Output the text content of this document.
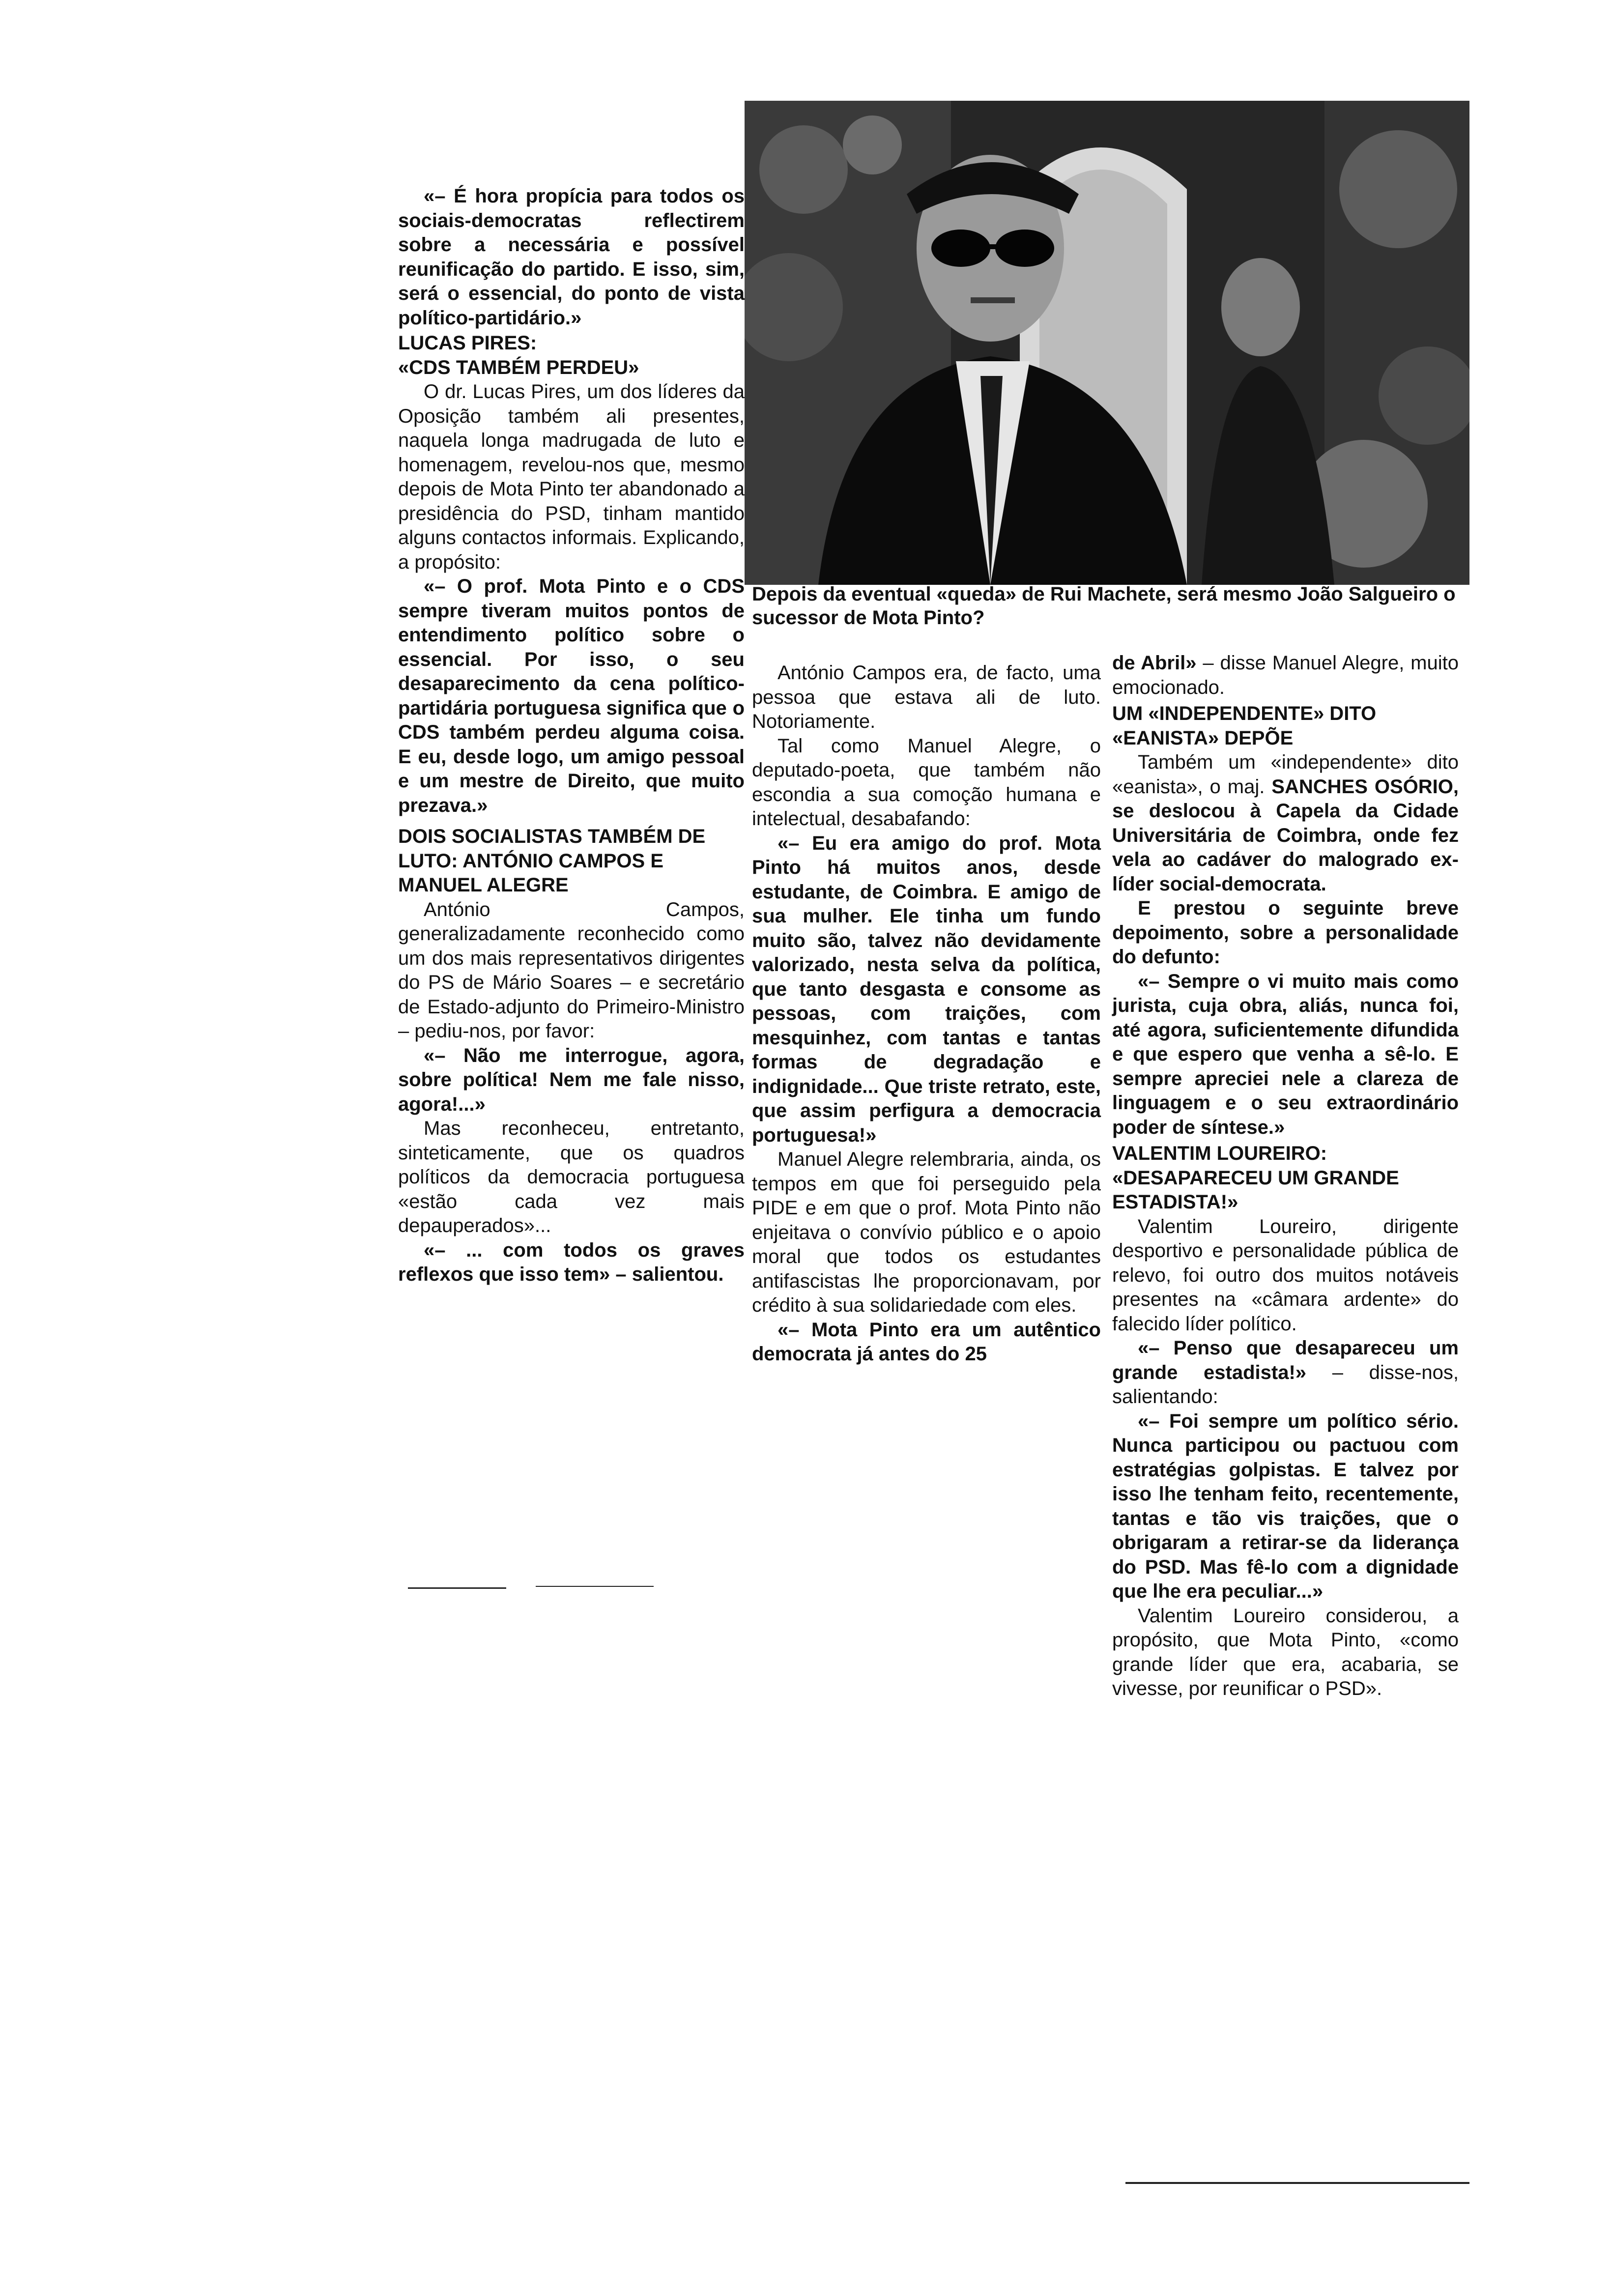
Depois da eventual «queda» de Rui Machete, será mesmo João Salgueiro o sucessor de Mota Pinto?

«– É hora propícia para todos os sociais-democratas reflectirem sobre a necessária e possível reunificação do partido. E isso, sim, será o essencial, do ponto de vista político-partidário.»

LUCAS PIRES:

«CDS TAMBÉM PERDEU»

O dr. Lucas Pires, um dos líderes da Oposição também ali presentes, naquela longa madrugada de luto e homenagem, revelou-nos que, mesmo depois de Mota Pinto ter abandonado a presidência do PSD, tinham mantido alguns contactos informais. Explicando, a propósito:

«– O prof. Mota Pinto e o CDS sempre tiveram muitos pontos de entendimento político sobre o essencial. Por isso, o seu desaparecimento da cena político-partidária portuguesa significa que o CDS também perdeu alguma coisa. E eu, desde logo, um amigo pessoal e um mestre de Direito, que muito prezava.»

DOIS SOCIALISTAS TAMBÉM DE LUTO: ANTÓNIO CAMPOS E MANUEL ALEGRE

António Campos, generalizadamente reconhecido como um dos mais representativos dirigentes do PS de Mário Soares – e secretário de Estado-adjunto do Primeiro-Ministro – pediu-nos, por favor:

«– Não me interrogue, agora, sobre política! Nem me fale nisso, agora!...»

Mas reconheceu, entretanto, sinteticamente, que os quadros políticos da democracia portuguesa «estão cada vez mais depauperados»...

«– ... com todos os graves reflexos que isso tem» – salientou.

António Campos era, de facto, uma pessoa que estava ali de luto. Notoriamente.

Tal como Manuel Alegre, o deputado-poeta, que também não escondia a sua comoção humana e intelectual, desabafando:

«– Eu era amigo do prof. Mota Pinto há muitos anos, desde estudante, de Coimbra. E amigo de sua mulher. Ele tinha um fundo muito são, talvez não devidamente valorizado, nesta selva da política, que tanto desgasta e consome as pessoas, com traições, com mesquinhez, com tantas e tantas formas de degradação e indignidade... Que triste retrato, este, que assim perfigura a democracia portuguesa!»

Manuel Alegre relembraria, ainda, os tempos em que foi perseguido pela PIDE e em que o prof. Mota Pinto não enjeitava o convívio público e o apoio moral que todos os estudantes antifascistas lhe proporcionavam, por crédito à sua solidariedade com eles.

«– Mota Pinto era um autêntico democrata já antes do 25

de Abril» – disse Manuel Alegre, muito emocionado.

UM «INDEPENDENTE» DITO «EANISTA» DEPÕE

Também um «independente» dito «eanista», o maj. SANCHES OSÓRIO, se deslocou à Capela da Cidade Universitária de Coimbra, onde fez vela ao cadáver do malogrado ex-líder social-democrata.

E prestou o seguinte breve depoimento, sobre a personalidade do defunto:

«– Sempre o vi muito mais como jurista, cuja obra, aliás, nunca foi, até agora, suficientemente difundida e que espero que venha a sê-lo. E sempre apreciei nele a clareza de linguagem e o seu extraordinário poder de síntese.»

VALENTIM LOUREIRO: «DESAPARECEU UM GRANDE ESTADISTA!»

Valentim Loureiro, dirigente desportivo e personalidade pública de relevo, foi outro dos muitos notáveis presentes na «câmara ardente» do falecido líder político.

«– Penso que desapareceu um grande estadista!» – disse-nos, salientando:

«– Foi sempre um político sério. Nunca participou ou pactuou com estratégias golpistas. E talvez por isso lhe tenham feito, recentemente, tantas e tão vis traições, que o obrigaram a retirar-se da liderança do PSD. Mas fê-lo com a dignidade que lhe era peculiar...»

Valentim Loureiro considerou, a propósito, que Mota Pinto, «como grande líder que era, acabaria, se vivesse, por reunificar o PSD».
